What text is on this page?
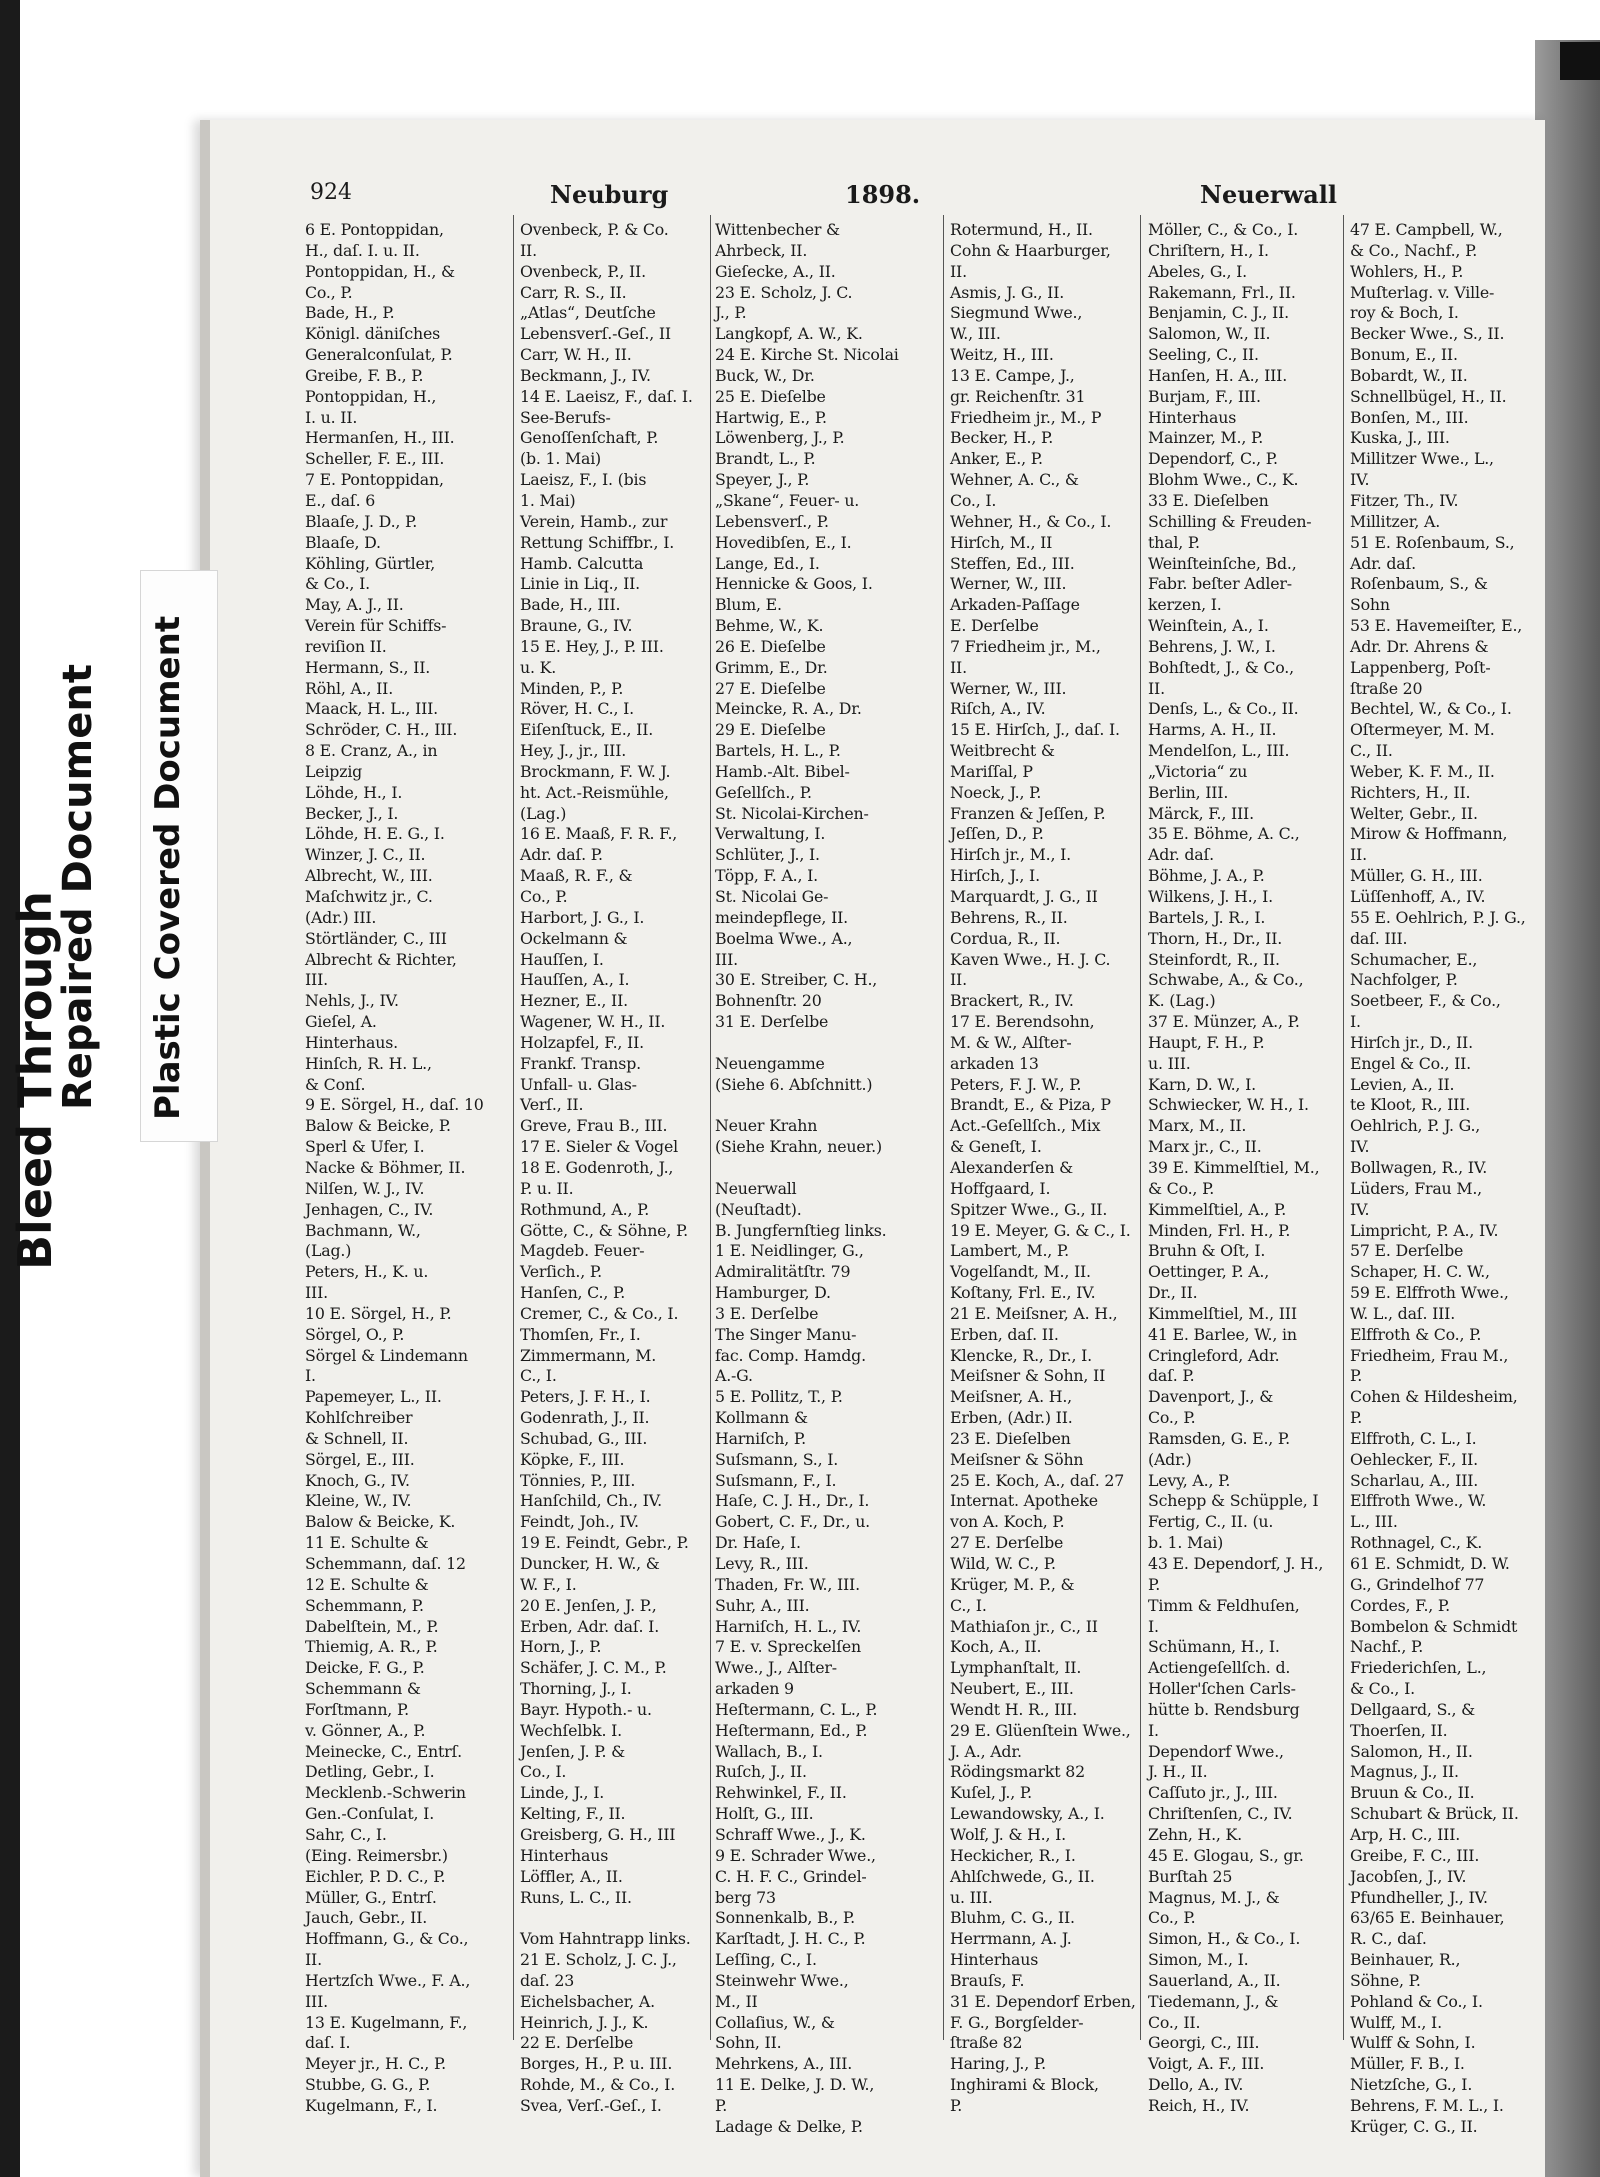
Bleed Through
Repaired Document Plastic Covered Document
924	Neuburg	1898.	Neuerwall
6 E. Pontoppidan,
H., daſ. I. u. II.
Pontoppidan, H., &
Co., P.
Bade, H., P.
Königl. däniſches
Generalconſulat, P.
Greibe, F. B., P.
Pontoppidan, H.,
I. u. II.
Hermanſen, H., III.
Scheller, F. E., III.
7 E. Pontoppidan,
E., daſ. 6
Blaaſe, J. D., P.
Blaaſe, D.
Köhling, Gürtler,
& Co., I.
May, A. J., II.
Verein für Schiffs-
reviſion II.
Hermann, S., II.
Röhl, A., II.
Maack, H. L., III.
Schröder, C. H., III.
8 E. Cranz, A., in
Leipzig
Löhde, H., I.
Becker, J., I.
Löhde, H. E. G., I.
Winzer, J. C., II.
Albrecht, W., III.
Maſchwitz jr., C.
(Adr.) III.
Störtländer, C., III
Albrecht & Richter,
III.
Nehls, J., IV.
Gieſel, A.
Hinterhaus.
Hinſch, R. H. L.,
& Conſ.
9 E. Sörgel, H., daſ. 10
Balow & Beicke, P.
Sperl & Ufer, I.
Nacke & Böhmer, II.
Nilſen, W. J., IV.
Jenhagen, C., IV.
Bachmann, W.,
(Lag.)
Peters, H., K. u.
III.
10 E. Sörgel, H., P.
Sörgel, O., P.
Sörgel & Lindemann
I.
Papemeyer, L., II.
Kohlſchreiber
& Schnell, II.
Sörgel, E., III.
Knoch, G., IV.
Kleine, W., IV.
Balow & Beicke, K.
11 E. Schulte &
Schemmann, daſ. 12
12 E. Schulte &
Schemmann, P.
Dabelſtein, M., P.
Thiemig, A. R., P.
Deicke, F. G., P.
Schemmann &
Forſtmann, P.
v. Gönner, A., P.
Meinecke, C., Entrſ.
Detling, Gebr., I.
Mecklenb.-Schwerin
Gen.-Conſulat, I.
Sahr, C., I.
(Eing. Reimersbr.)
Eichler, P. D. C., P.
Müller, G., Entrſ.
Jauch, Gebr., II.
Hoffmann, G., & Co.,
II.
Hertzſch Wwe., F. A.,
III.
13 E. Kugelmann, F.,
daſ. I.
Meyer jr., H. C., P.
Stubbe, G. G., P.
Kugelmann, F., I.
Ovenbeck, P. & Co.
II.
Ovenbeck, P., II.
Carr, R. S., II.
„Atlas“, Deutſche
Lebensverſ.-Geſ., II
Carr, W. H., II.
Beckmann, J., IV.
14 E. Laeisz, F., daſ. I.
See-Berufs-
Genoſſenſchaft, P.
(b. 1. Mai)
Laeisz, F., I. (bis
1. Mai)
Verein, Hamb., zur
Rettung Schiffbr., I.
Hamb. Calcutta
Linie in Liq., II.
Bade, H., III.
Braune, G., IV.
15 E. Hey, J., P. III.
u. K.
Minden, P., P.
Röver, H. C., I.
Eiſenſtuck, E., II.
Hey, J., jr., III.
Brockmann, F. W. J.
ht. Act.-Reismühle,
(Lag.)
16 E. Maaß, F. R. F.,
Adr. daſ. P.
Maaß, R. F., &
Co., P.
Harbort, J. G., I.
Ockelmann &
Hauſſen, I.
Hauſſen, A., I.
Hezner, E., II.
Wagener, W. H., II.
Holzapfel, F., II.
Frankf. Transp.
Unfall- u. Glas-
Verſ., II.
Greve, Frau B., III.
17 E. Sieler & Vogel
18 E. Godenroth, J.,
P. u. II.
Rothmund, A., P.
Götte, C., & Söhne, P.
Magdeb. Feuer-
Verſich., P.
Hanſen, C., P.
Cremer, C., & Co., I.
Thomſen, Fr., I.
Zimmermann, M.
C., I.
Peters, J. F. H., I.
Godenrath, J., II.
Schubad, G., III.
Köpke, F., III.
Tönnies, P., III.
Hanſchild, Ch., IV.
Feindt, Joh., IV.
19 E. Feindt, Gebr., P.
Duncker, H. W., &
W. F., I.
20 E. Jenſen, J. P.,
Erben, Adr. daſ. I.
Horn, J., P.
Schäfer, J. C. M., P.
Thorning, J., I.
Bayr. Hypoth.- u.
Wechſelbk. I.
Jenſen, J. P. &
Co., I.
Linde, J., I.
Kelting, F., II.
Greisberg, G. H., III
Hinterhaus
Löffler, A., II.
Runs, L. C., II.

Vom Hahntrapp links.
21 E. Scholz, J. C. J.,
daſ. 23
Eichelsbacher, A.
Heinrich, J. J., K.
22 E. Derſelbe
Borges, H., P. u. III.
Rohde, M., & Co., I.
Svea, Verſ.-Geſ., I.
Wittenbecher &
Ahrbeck, II.
Gieſecke, A., II.
23 E. Scholz, J. C.
J., P.
Langkopf, A. W., K.
24 E. Kirche St. Nicolai
Buck, W., Dr.
25 E. Dieſelbe
Hartwig, E., P.
Löwenberg, J., P.
Brandt, L., P.
Speyer, J., P.
„Skane“, Feuer- u.
Lebensverſ., P.
Hovedibſen, E., I.
Lange, Ed., I.
Hennicke & Goos, I.
Blum, E.
Behme, W., K.
26 E. Dieſelbe
Grimm, E., Dr.
27 E. Dieſelbe
Meincke, R. A., Dr.
29 E. Dieſelbe
Bartels, H. L., P.
Hamb.-Alt. Bibel-
Geſellſch., P.
St. Nicolai-Kirchen-
Verwaltung, I.
Schlüter, J., I.
Töpp, F. A., I.
St. Nicolai Ge-
meindepflege, II.
Boelma Wwe., A.,
III.
30 E. Streiber, C. H.,
Bohnenſtr. 20
31 E. Derſelbe

Neuengamme
(Siehe 6. Abſchnitt.)

Neuer Krahn
(Siehe Krahn, neuer.)

Neuerwall
(Neuſtadt).
B. Jungfernſtieg links.
1 E. Neidlinger, G.,
Admiralitätſtr. 79
Hamburger, D.
3 E. Derſelbe
The Singer Manu-
fac. Comp. Hamdg.
A.-G.
5 E. Pollitz, T., P.
Kollmann &
Harniſch, P.
Suſsmann, S., I.
Suſsmann, F., I.
Haſe, C. J. H., Dr., I.
Gobert, C. F., Dr., u.
Dr. Haſe, I.
Levy, R., III.
Thaden, Fr. W., III.
Suhr, A., III.
Harniſch, H. L., IV.
7 E. v. Spreckelſen
Wwe., J., Alſter-
arkaden 9
Heſtermann, C. L., P.
Heſtermann, Ed., P.
Wallach, B., I.
Ruſch, J., II.
Rehwinkel, F., II.
Holſt, G., III.
Schraff Wwe., J., K.
9 E. Schrader Wwe.,
C. H. F. C., Grindel-
berg 73
Sonnenkalb, B., P.
Karſtadt, J. H. C., P.
Leſſing, C., I.
Steinwehr Wwe.,
M., II
Collaſius, W., &
Sohn, II.
Mehrkens, A., III.
11 E. Delke, J. D. W.,
P.
Ladage & Delke, P.
Rotermund, H., II.
Cohn & Haarburger,
II.
Asmis, J. G., II.
Siegmund Wwe.,
W., III.
Weitz, H., III.
13 E. Campe, J.,
gr. Reichenſtr. 31
Friedheim jr., M., P
Becker, H., P.
Anker, E., P.
Wehner, A. C., &
Co., I.
Wehner, H., & Co., I.
Hirſch, M., II
Steffen, Ed., III.
Werner, W., III.
Arkaden-Paſſage
E. Derſelbe
7 Friedheim jr., M.,
II.
Werner, W., III.
Riſch, A., IV.
15 E. Hirſch, J., daſ. I.
Weitbrecht &
Mariſſal, P
Noeck, J., P.
Franzen & Jeſſen, P.
Jeſſen, D., P.
Hirſch jr., M., I.
Hirſch, J., I.
Marquardt, J. G., II
Behrens, R., II.
Cordua, R., II.
Kaven Wwe., H. J. C.
II.
Brackert, R., IV.
17 E. Berendsohn,
M. & W., Alſter-
arkaden 13
Peters, F. J. W., P.
Brandt, E., & Piza, P
Act.-Geſellſch., Mix
& Geneſt, I.
Alexanderſen &
Hoffgaard, I.
Spitzer Wwe., G., II.
19 E. Meyer, G. & C., I.
Lambert, M., P.
Vogelſandt, M., II.
Koſtany, Frl. E., IV.
21 E. Meiſsner, A. H.,
Erben, daſ. II.
Klencke, R., Dr., I.
Meiſsner & Sohn, II
Meiſsner, A. H.,
Erben, (Adr.) II.
23 E. Dieſelben
Meiſsner & Söhn
25 E. Koch, A., daſ. 27
Internat. Apotheke
von A. Koch, P.
27 E. Derſelbe
Wild, W. C., P.
Krüger, M. P., &
C., I.
Mathiaſon jr., C., II
Koch, A., II.
Lymphanſtalt, II.
Neubert, E., III.
Wendt H. R., III.
29 E. Glüenſtein Wwe.,
J. A., Adr.
Rödingsmarkt 82
Kuſel, J., P.
Lewandowsky, A., I.
Wolf, J. & H., I.
Heckicher, R., I.
Ahlſchwede, G., II.
u. III.
Bluhm, C. G., II.
Herrmann, A. J.
Hinterhaus
Brauſs, F.
31 E. Dependorf Erben,
F. G., Borgſelder-
ſtraße 82
Haring, J., P.
Inghirami & Block,
P.
Möller, C., & Co., I.
Chriſtern, H., I.
Abeles, G., I.
Rakemann, Frl., II.
Benjamin, C. J., II.
Salomon, W., II.
Seeling, C., II.
Hanſen, H. A., III.
Burjam, F., III.
Hinterhaus
Mainzer, M., P.
Dependorf, C., P.
Blohm Wwe., C., K.
33 E. Dieſelben
Schilling & Freuden-
thal, P.
Weinſteinſche, Bd.,
Fabr. beſter Adler-
kerzen, I.
Weinſtein, A., I.
Behrens, J. W., I.
Bohſtedt, J., & Co.,
II.
Denſs, L., & Co., II.
Harms, A. H., II.
Mendelſon, L., III.
„Victoria“ zu
Berlin, III.
Märck, F., III.
35 E. Böhme, A. C.,
Adr. daſ.
Böhme, J. A., P.
Wilkens, J. H., I.
Bartels, J. R., I.
Thorn, H., Dr., II.
Steinfordt, R., II.
Schwabe, A., & Co.,
K. (Lag.)
37 E. Münzer, A., P.
Haupt, F. H., P.
u. III.
Karn, D. W., I.
Schwiecker, W. H., I.
Marx, M., II.
Marx jr., C., II.
39 E. Kimmelſtiel, M.,
& Co., P.
Kimmelſtiel, A., P.
Minden, Frl. H., P.
Bruhn & Oſt, I.
Oettinger, P. A.,
Dr., II.
Kimmelſtiel, M., III
41 E. Barlee, W., in
Cringleford, Adr.
daſ. P.
Davenport, J., &
Co., P.
Ramsden, G. E., P.
(Adr.)
Levy, A., P.
Schepp & Schüpple, I
Fertig, C., II. (u.
b. 1. Mai)
43 E. Dependorf, J. H.,
P.
Timm & Feldhuſen,
I.
Schümann, H., I.
Actiengeſellſch. d.
Holler'ſchen Carls-
hütte b. Rendsburg
I.
Dependorf Wwe.,
J. H., II.
Caſſuto jr., J., III.
Chriſtenſen, C., IV.
Zehn, H., K.
45 E. Glogau, S., gr.
Burſtah 25
Magnus, M. J., &
Co., P.
Simon, H., & Co., I.
Simon, M., I.
Sauerland, A., II.
Tiedemann, J., &
Co., II.
Georgi, C., III.
Voigt, A. F., III.
Dello, A., IV.
Reich, H., IV.
47 E. Campbell, W.,
& Co., Nachf., P.
Wohlers, H., P.
Muſterlag. v. Ville-
roy & Boch, I.
Becker Wwe., S., II.
Bonum, E., II.
Bobardt, W., II.
Schnellbügel, H., II.
Bonſen, M., III.
Kuska, J., III.
Millitzer Wwe., L.,
IV.
Fitzer, Th., IV.
Millitzer, A.
51 E. Roſenbaum, S.,
Adr. daſ.
Roſenbaum, S., &
Sohn
53 E. Havemeiſter, E.,
Adr. Dr. Ahrens &
Lappenberg, Poſt-
ſtraße 20
Bechtel, W., & Co., I.
Oſtermeyer, M. M.
C., II.
Weber, K. F. M., II.
Richters, H., II.
Welter, Gebr., II.
Mirow & Hoffmann,
II.
Müller, G. H., III.
Lüſſenhoff, A., IV.
55 E. Oehlrich, P. J. G.,
daſ. III.
Schumacher, E.,
Nachfolger, P.
Soetbeer, F., & Co.,
I.
Hirſch jr., D., II.
Engel & Co., II.
Levien, A., II.
te Kloot, R., III.
Oehlrich, P. J. G.,
IV.
Bollwagen, R., IV.
Lüders, Frau M.,
IV.
Limpricht, P. A., IV.
57 E. Derſelbe
Schaper, H. C. W.,
59 E. Elffroth Wwe.,
W. L., daſ. III.
Elffroth & Co., P.
Friedheim, Frau M.,
P.
Cohen & Hildesheim,
P.
Elffroth, C. L., I.
Oehlecker, F., II.
Scharlau, A., III.
Elffroth Wwe., W.
L., III.
Rothnagel, C., K.
61 E. Schmidt, D. W.
G., Grindelhof 77
Cordes, F., P.
Bombelon & Schmidt
Nachf., P.
Friederichſen, L.,
& Co., I.
Dellgaard, S., &
Thoerſen, II.
Salomon, H., II.
Magnus, J., II.
Bruun & Co., II.
Schubart & Brück, II.
Arp, H. C., III.
Greibe, F. C., III.
Jacobſen, J., IV.
Pfundheller, J., IV.
63/65 E. Beinhauer,
R. C., daſ.
Beinhauer, R.,
Söhne, P.
Pohland & Co., I.
Wulff, M., I.
Wulff & Sohn, I.
Müller, F. B., I.
Nietzſche, G., I.
Behrens, F. M. L., I.
Krüger, C. G., II.
